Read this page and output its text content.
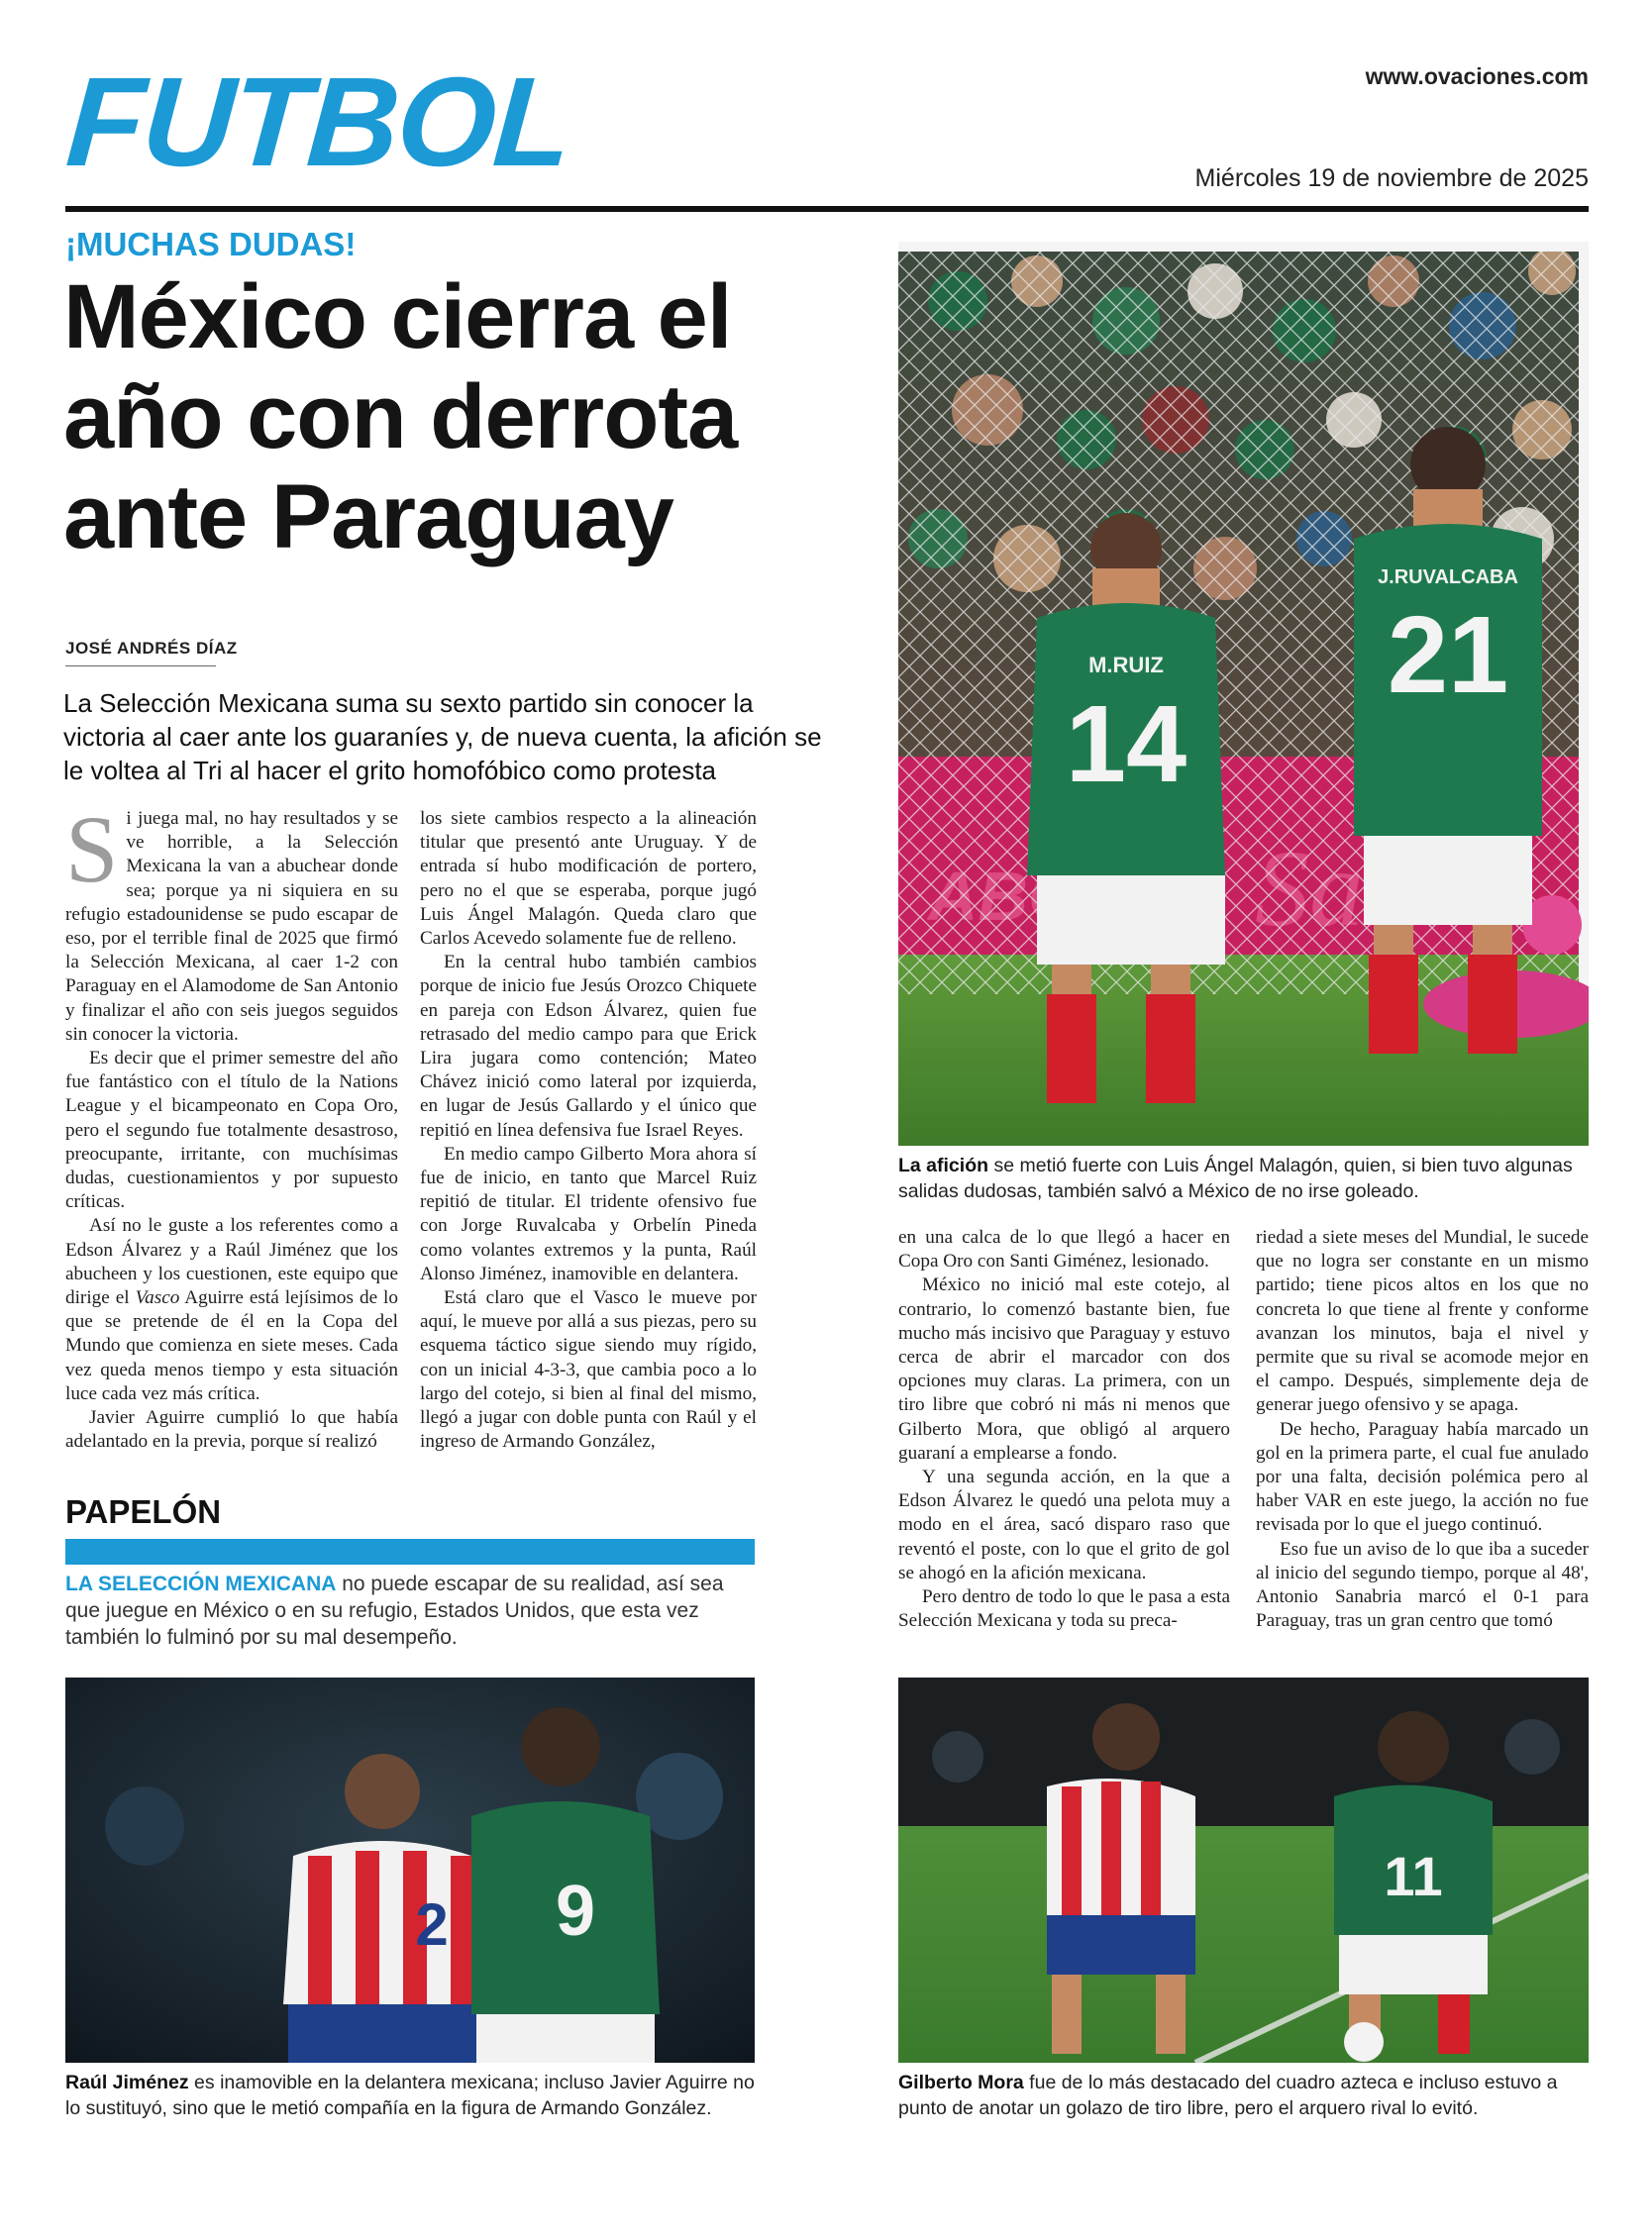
FUTBOL	www.ovaciones.com
Miércoles 19 de noviembre de 2025
¡MUCHAS DUDAS!
México cierra el año con derrota ante Paraguay
JOSÉ ANDRÉS DÍAZ
La Selección Mexicana suma su sexto partido sin conocer la victoria al caer ante los guaraníes y, de nueva cuenta, la afición se le voltea al Tri al hacer el grito homofóbico como protesta

Si juega mal, no hay resultados y se ve horrible, a la Selección Mexicana la van a abuchear donde sea; porque ya ni siquiera en su refugio estadounidense se pudo escapar de eso, por el terrible final de 2025 que firmó la Selección Mexicana, al caer 1-2 con Paraguay en el Alamodome de San Antonio y finalizar el año con seis juegos seguidos sin conocer la victoria.

Es decir que el primer semestre del año fue fantástico con el título de la Nations League y el bicampeonato en Copa Oro, pero el segundo fue totalmente desastroso, preocupante, irritante, con muchísimas dudas, cuestionamientos y por supuesto críticas.

Así no le guste a los referentes como a Edson Álvarez y a Raúl Jiménez que los abucheen y los cuestionen, este equipo que dirige el Vasco Aguirre está lejísimos de lo que se pretende de él en la Copa del Mundo que comienza en siete meses. Cada vez queda menos tiempo y esta situación luce cada vez más crítica.

Javier Aguirre cumplió lo que había adelantado en la previa, porque sí realizó

los siete cambios respecto a la alineación titular que presentó ante Uruguay. Y de entrada sí hubo modificación de portero, pero no el que se esperaba, porque jugó Luis Ángel Malagón. Queda claro que Carlos Acevedo solamente fue de relleno.

En la central hubo también cambios porque de inicio fue Jesús Orozco Chiquete en pareja con Edson Álvarez, quien fue retrasado del medio campo para que Erick Lira jugara como contención; Mateo Chávez inició como lateral por izquierda, en lugar de Jesús Gallardo y el único que repitió en línea defensiva fue Israel Reyes.

En medio campo Gilberto Mora ahora sí fue de inicio, en tanto que Marcel Ruiz repitió de titular. El tridente ofensivo fue con Jorge Ruvalcaba y Orbelín Pineda como volantes extremos y la punta, Raúl Alonso Jiménez, inamovible en delantera.

Está claro que el Vasco le mueve por aquí, le mueve por allá a sus piezas, pero su esquema táctico sigue siendo muy rígido, con un inicial 4-3-3, que cambia poco a lo largo del cotejo, si bien al final del mismo, llegó a jugar con doble punta con Raúl y el ingreso de Armando González,

en una calca de lo que llegó a hacer en Copa Oro con Santi Giménez, lesionado.

México no inició mal este cotejo, al contrario, lo comenzó bastante bien, fue mucho más incisivo que Paraguay y estuvo cerca de abrir el marcador con dos opciones muy claras. La primera, con un tiro libre que cobró ni más ni menos que Gilberto Mora, que obligó al arquero guaraní a emplearse a fondo.

Y una segunda acción, en la que a Edson Álvarez le quedó una pelota muy a modo en el área, sacó disparo raso que reventó el poste, con lo que el grito de gol se ahogó en la afición mexicana.

Pero dentro de todo lo que le pasa a esta Selección Mexicana y toda su preca-

riedad a siete meses del Mundial, le sucede que no logra ser constante en un mismo partido; tiene picos altos en los que no concreta lo que tiene al frente y conforme avanzan los minutos, baja el nivel y permite que su rival se acomode mejor en el campo. Después, simplemente deja de generar juego ofensivo y se apaga.

De hecho, Paraguay había marcado un gol en la primera parte, el cual fue anulado por una falta, decisión polémica pero al haber VAR en este juego, la acción no fue revisada por lo que el juego continuó.

Eso fue un aviso de lo que iba a suceder al inicio del segundo tiempo, porque al 48', Antonio Sanabria marcó el 0-1 para Paraguay, tras un gran centro que tomó

PAPELÓN
LA SELECCIÓN MEXICANA no puede escapar de su realidad, así sea que juegue en México o en su refugio, Estados Unidos, que esta vez también lo fulminó por su mal desempeño.
M.RUIZ
14
J.RUVALCABA
21
La afición se metió fuerte con Luis Ángel Malagón, quien, si bien tuvo algunas salidas dudosas, también salvó a México de no irse goleado.
2 9
Raúl Jiménez es inamovible en la delantera mexicana; incluso Javier Aguirre no lo sustituyó, sino que le metió compañía en la figura de Armando González.
11
Gilberto Mora fue de lo más destacado del cuadro azteca e incluso estuvo a punto de anotar un golazo de tiro libre, pero el arquero rival lo evitó.
